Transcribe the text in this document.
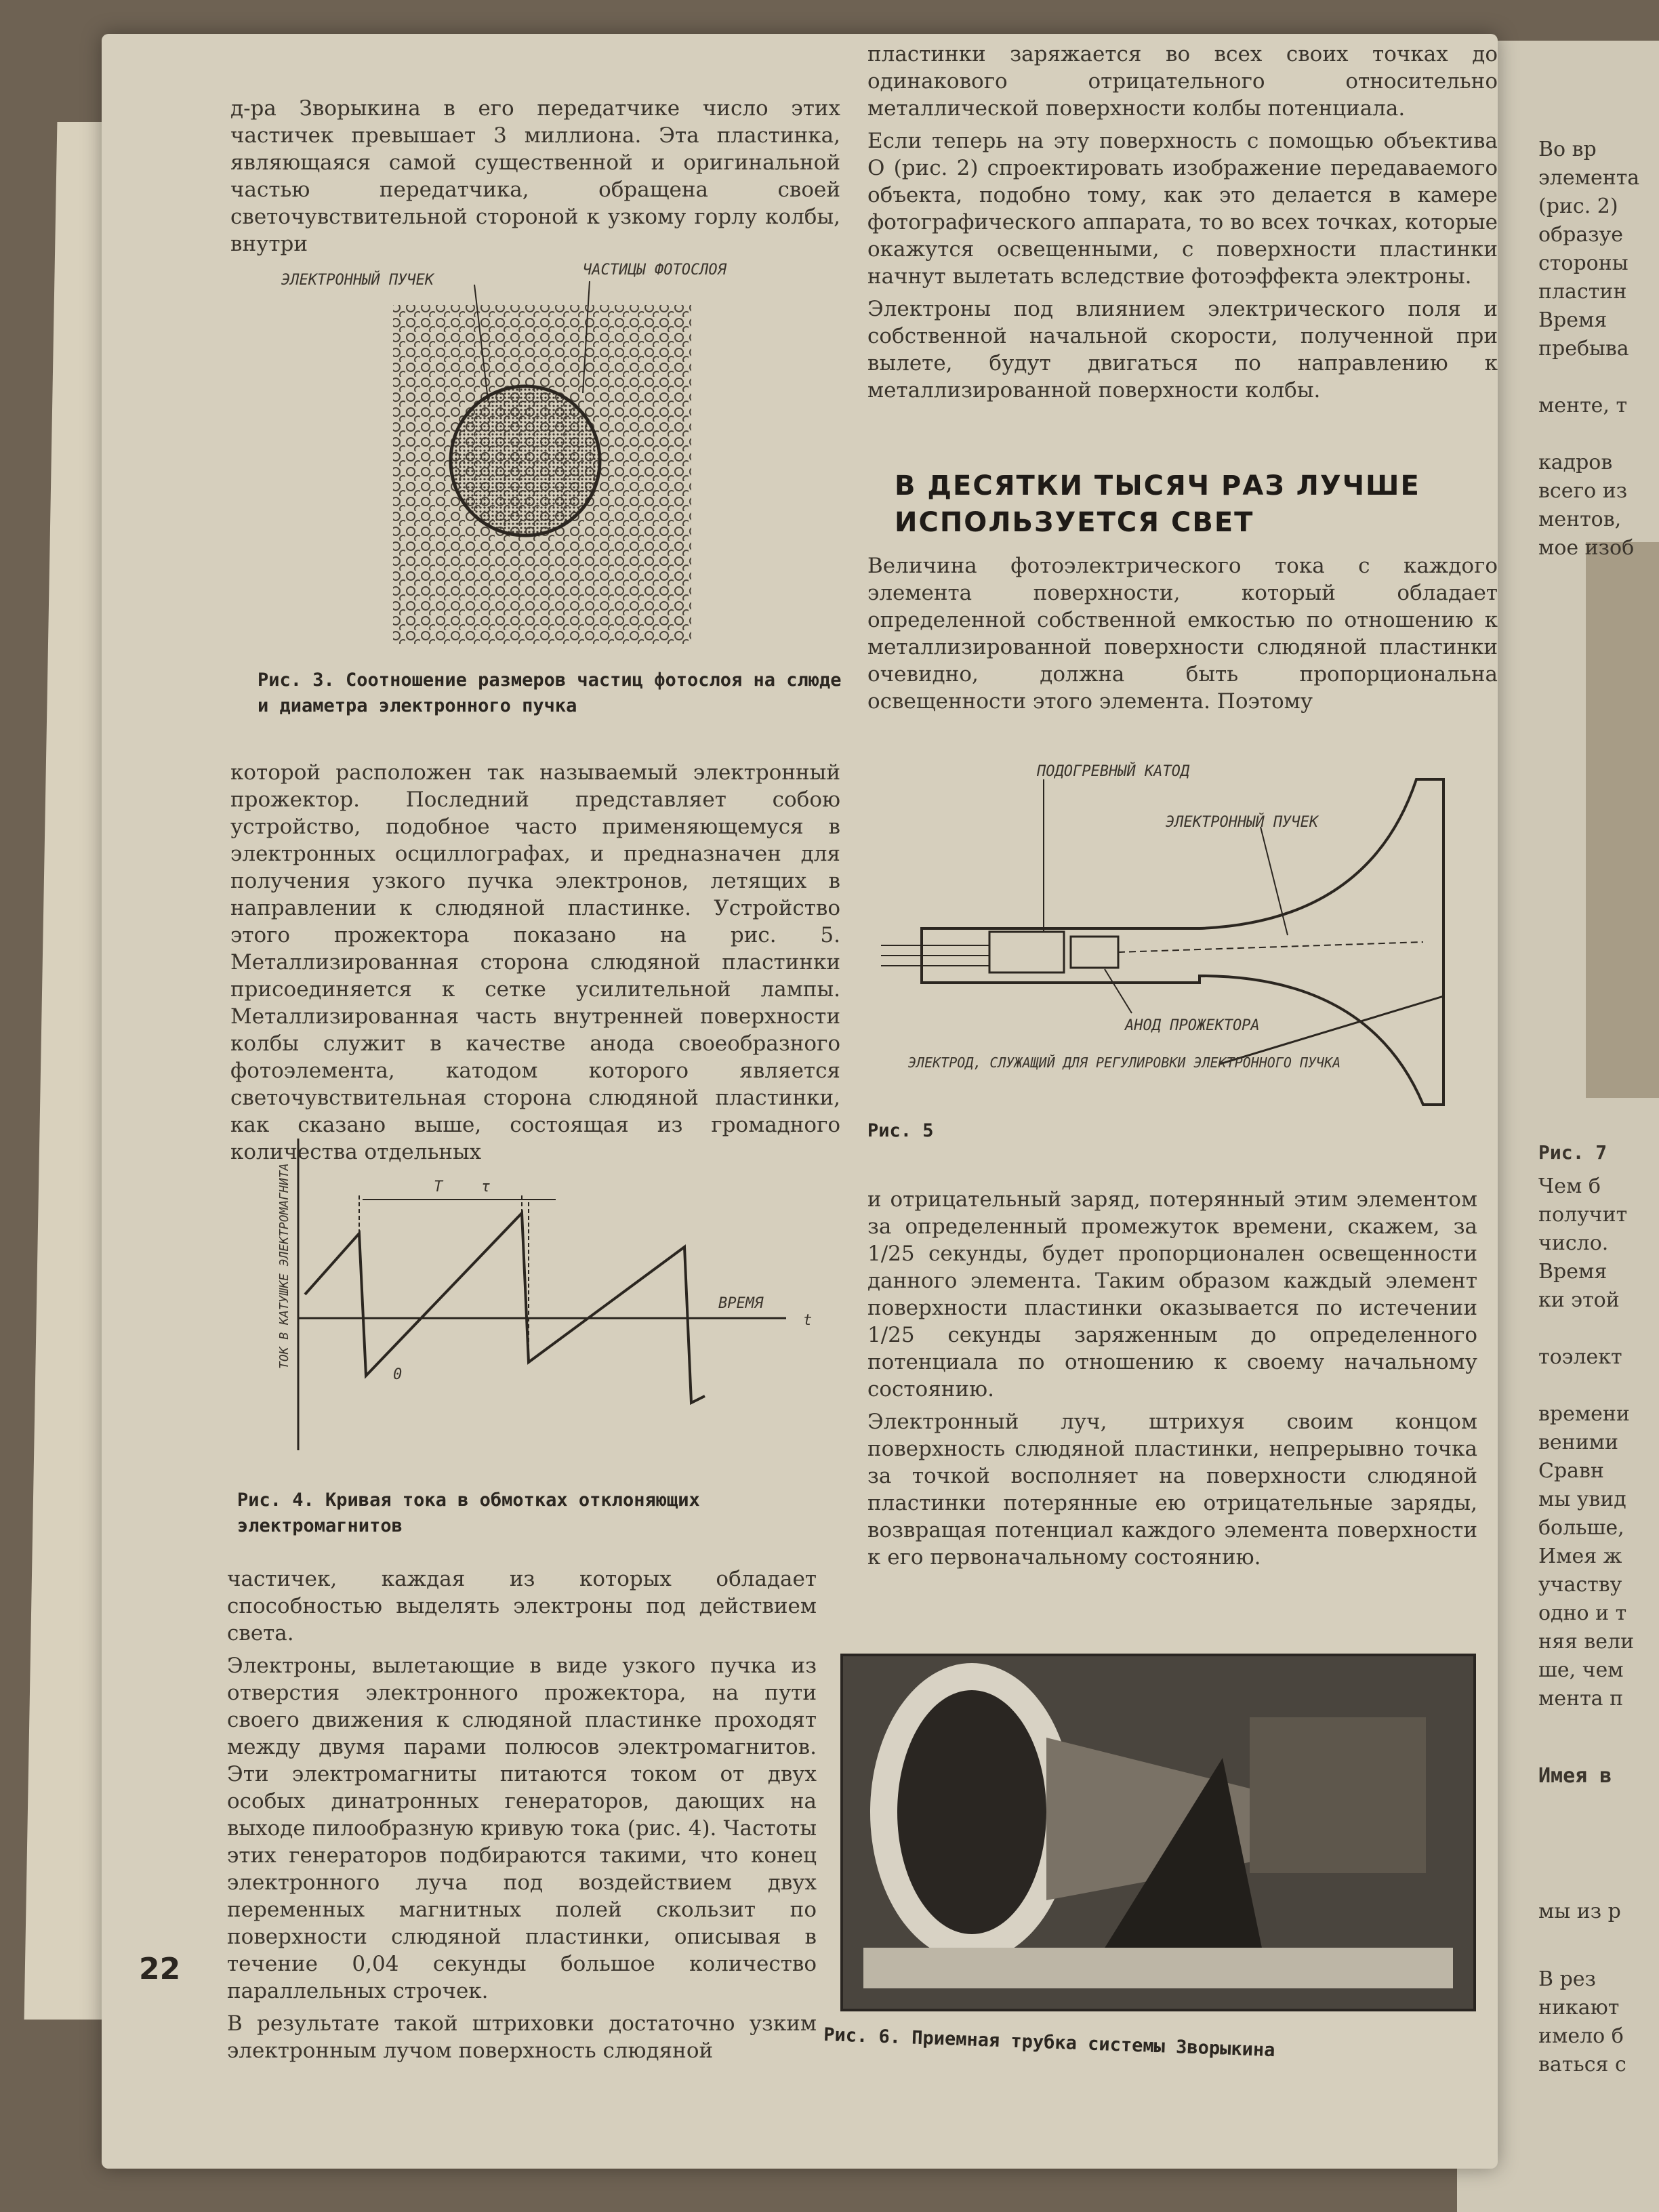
Во вр

элемента

(рис. 2)

образуе

стороны

пластин

Время

пребыва

менте, т

кадров

всего из

ментов,

мое изоб

Рис. 7

Чем б

получит

число.

Время

ки этой

тоэлект

времени

веними

Сравн

мы увид

больше,

Имея ж

участву

одно и т

няя вели

ше, чем

мента п

Имея в
мы из р

В рез

никают

имело б

ваться с

д-ра Зворыкина в его передатчике число этих частичек превышает 3 миллиона. Эта пластинка, являющаяся самой существенной и оригинальной частью передатчика, обращена своей светочувствительной стороной к узкому горлу колбы, внутри

ЭЛЕКТРОННЫЙ ПУЧЕК
ЧАСТИЦЫ ФОТОСЛОЯ
Рис. 3. Соотношение размеров частиц фотослоя на слюде и диаметра электронного пучка

которой расположен так называемый электронный прожектор. Последний представляет собою устройство, подобное часто применяющемуся в электронных осциллографах, и предназначен для получения узкого пучка электронов, летящих в направлении к слюдяной пластинке. Устройство этого прожектора показано на рис. 5. Металлизированная сторона слюдяной пластинки присоединяется к сетке усилительной лампы. Металлизированная часть внутренней поверхности колбы служит в качестве анода своеобразного фотоэлемента, катодом которого является светочувствительная сторона слюдяной пластинки, как сказано выше, состоящая из громадного количества отдельных

T	τ
0
ВРЕМЯ
t
ТОК В КАТУШКЕ ЭЛЕКТРОМАГНИТА
Рис. 4. Кривая тока в обмотках отклоняющих электромагнитов

частичек, каждая из которых обладает способностью выделять электроны под действием света.

Электроны, вылетающие в виде узкого пучка из отверстия электронного прожектора, на пути своего движения к слюдяной пластинке проходят между двумя парами полюсов электромагнитов. Эти электромагниты питаются током от двух особых динатронных генераторов, дающих на выходе пилообразную кривую тока (рис. 4). Частоты этих генераторов подбираются такими, что конец электронного луча под воздействием двух переменных магнитных полей скользит по поверхности слюдяной пластинки, описывая в течение 0,04 секунды большое количество параллельных строчек.

В результате такой штриховки достаточно узким электронным лучом поверхность слюдяной

22

пластинки заряжается во всех своих точках до одинакового отрицательного относительно металлической поверхности колбы потенциала.

Если теперь на эту поверхность с помощью объектива O (рис. 2) спроектировать изображение передаваемого объекта, подобно тому, как это делается в камере фотографического аппарата, то во всех точках, которые окажутся освещенными, с поверхности пластинки начнут вылетать вследствие фотоэффекта электроны.

Электроны под влиянием электрического поля и собственной начальной скорости, полученной при вылете, будут двигаться по направлению к металлизированной поверхности колбы.

В ДЕСЯТКИ ТЫСЯЧ РАЗ ЛУЧШЕ ИСПОЛЬЗУЕТСЯ СВЕТ

Величина фотоэлектрического тока с каждого элемента поверхности, который обладает определенной собственной емкостью по отношению к металлизированной поверхности слюдяной пластинки очевидно, должна быть пропорциональна освещенности этого элемента. Поэтому

ПОДОГРЕВНЫЙ КАТОД
ЭЛЕКТРОННЫЙ ПУЧЕК
АНОД ПРОЖЕКТОРА
ЭЛЕКТРОД, СЛУЖАЩИЙ ДЛЯ РЕГУЛИРОВКИ ЭЛЕКТРОННОГО ПУЧКА
Рис. 5

и отрицательный заряд, потерянный этим элементом за определенный промежуток времени, скажем, за 1/25 секунды, будет пропорционален освещенности данного элемента. Таким образом каждый элемент поверхности пластинки оказывается по истечении 1/25 секунды заряженным до определенного потенциала по отношению к своему начальному состоянию.

Электронный луч, штрихуя своим концом поверхность слюдяной пластинки, непрерывно точка за точкой восполняет на поверхности слюдяной пластинки потерянные ею отрицательные заряды, возвращая потенциал каждого элемента поверхности к его первоначальному состоянию.

Рис. 6. Приемная трубка системы Зворыкина
